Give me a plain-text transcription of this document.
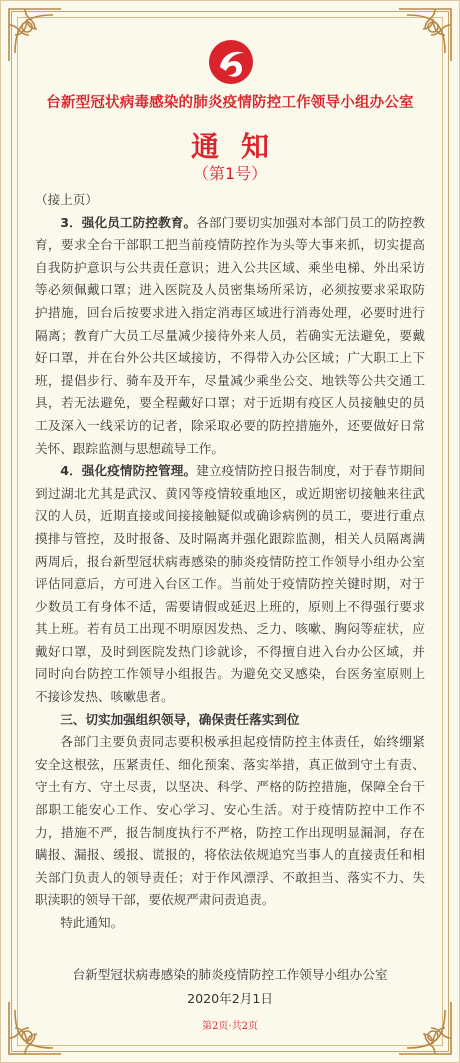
台新型冠状病毒感染的肺炎疫情防控工作领导小组办公室
通知
（第1号）

（接上页）

3．强化员工防控教育。各部门要切实加强对本部门员工的防控教育，要求全台干部职工把当前疫情防控作为头等大事来抓，切实提高自我防护意识与公共责任意识；进入公共区域、乘坐电梯、外出采访等必须佩戴口罩；进入医院及人员密集场所采访，必须按要求采取防护措施，回台后按要求进入指定消毒区域进行消毒处理，必要时进行隔离；教育广大员工尽量减少接待外来人员，若确实无法避免，要戴好口罩，并在台外公共区域接访，不得带入办公区域；广大职工上下班，提倡步行、骑车及开车，尽量减少乘坐公交、地铁等公共交通工具，若无法避免，要全程戴好口罩；对于近期有疫区人员接触史的员工及深入一线采访的记者，除采取必要的防控措施外，还要做好日常关怀、跟踪监测与思想疏导工作。

4．强化疫情防控管理。建立疫情防控日报告制度，对于春节期间到过湖北尤其是武汉、黄冈等疫情较重地区，或近期密切接触来往武汉的人员，近期直接或间接接触疑似或确诊病例的员工，要进行重点摸排与管控，及时报备、及时隔离并强化跟踪监测，相关人员隔离满两周后，报台新型冠状病毒感染的肺炎疫情防控工作领导小组办公室评估同意后，方可进入台区工作。当前处于疫情防控关键时期，对于少数员工有身体不适，需要请假或延迟上班的，原则上不得强行要求其上班。若有员工出现不明原因发热、乏力、咳嗽、胸闷等症状，应戴好口罩，及时到医院发热门诊就诊，不得擅自进入台办公区域，并同时向台防控工作领导小组报告。为避免交叉感染，台医务室原则上不接诊发热、咳嗽患者。

三、切实加强组织领导，确保责任落实到位

各部门主要负责同志要积极承担起疫情防控主体责任，始终绷紧安全这根弦，压紧责任、细化预案、落实举措，真正做到守土有责、守土有方、守土尽责，以坚决、科学、严格的防控措施，保障全台干部职工能安心工作、安心学习、安心生活。对于疫情防控中工作不力，措施不严，报告制度执行不严格，防控工作出现明显漏洞，存在瞒报、漏报、缓报、谎报的，将依法依规追究当事人的直接责任和相关部门负责人的领导责任；对于作风漂浮、不敢担当、落实不力、失职渎职的领导干部，要依规严肃问责追责。

特此通知。

台新型冠状病毒感染的肺炎疫情防控工作领导小组办公室
2020年2月1日
第2页·共2页
